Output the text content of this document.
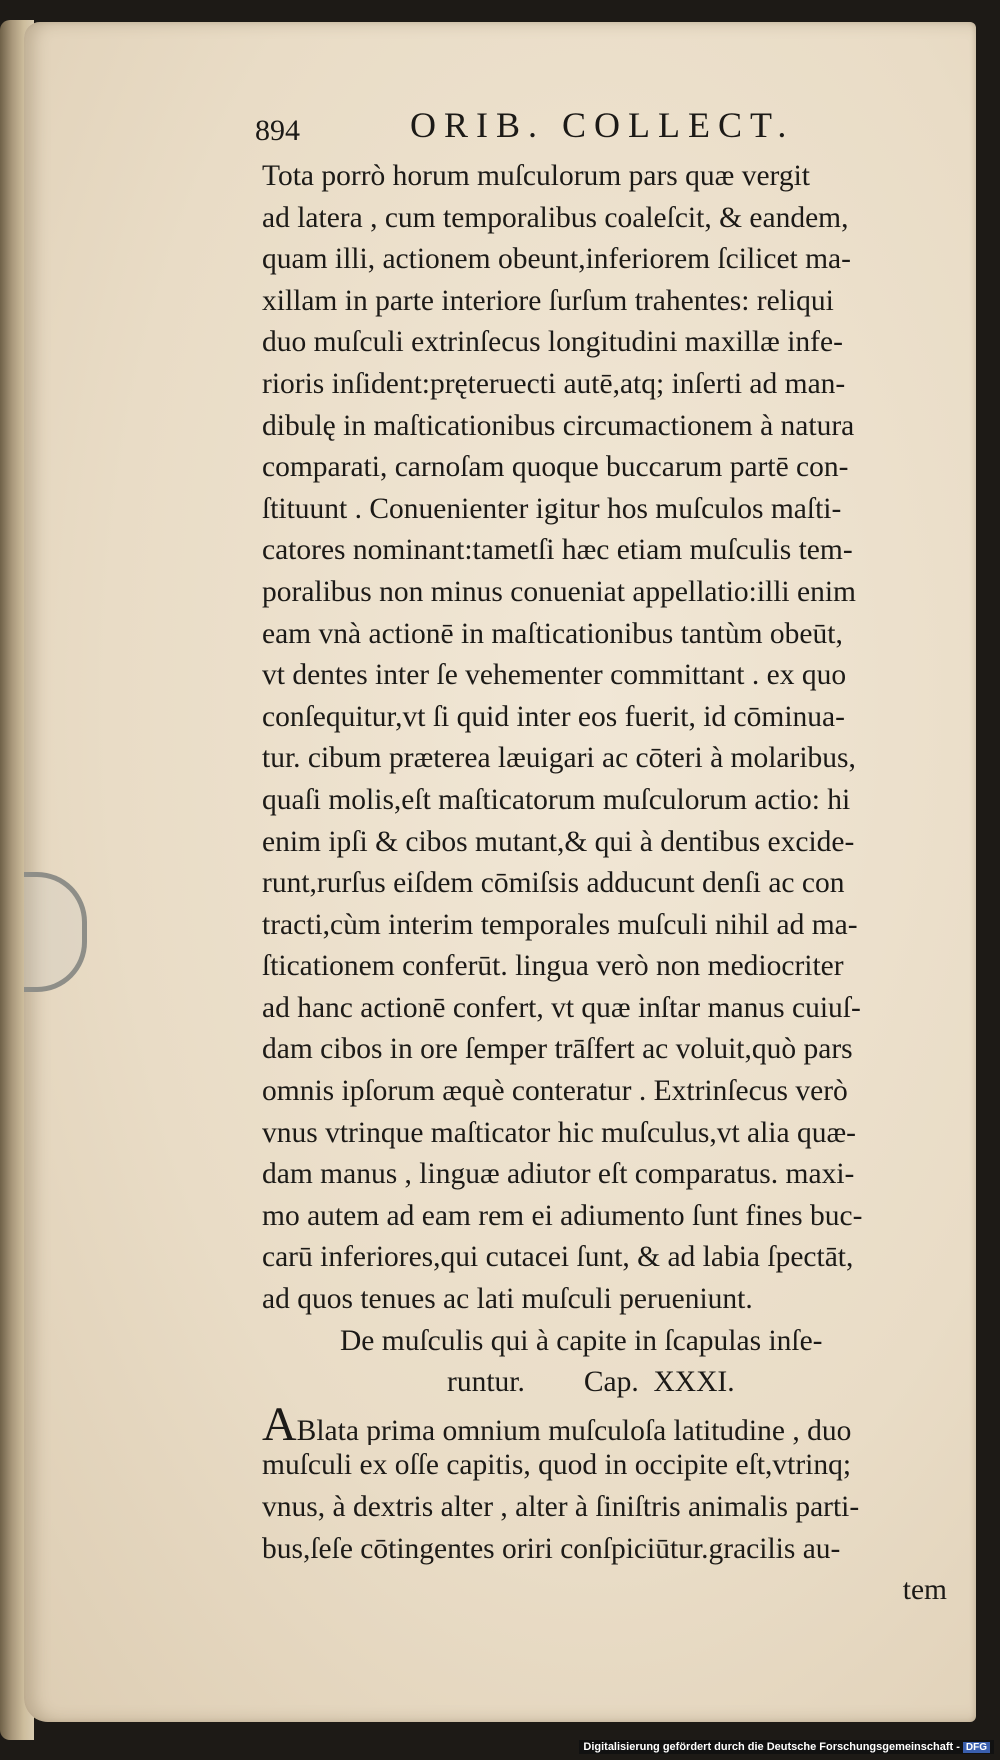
894	ORIB. COLLECT.
Tota porrò horum muſculorum pars quæ vergit
ad latera , cum temporalibus coaleſcit, & eandem,
quam illi, actionem obeunt,inferiorem ſcilicet ma-
xillam in parte interiore ſurſum trahentes: reliqui
duo muſculi extrinſecus longitudini maxillæ infe-
rioris inſident:pręteruecti autē,atq; inſerti ad man-
dibulę in maſticationibus circumactionem à natura
comparati, carnoſam quoque buccarum partē con-
ſtituunt . Conuenienter igitur hos muſculos maſti-
catores nominant:tametſi hæc etiam muſculis tem-
poralibus non minus conueniat appellatio:illi enim
eam vnà actionē in maſticationibus tantùm obeūt,
vt dentes inter ſe vehementer committant . ex quo
conſequitur,vt ſi quid inter eos fuerit, id cōminua-
tur. cibum præterea læuigari ac cōteri à molaribus,
quaſi molis,eſt maſticatorum muſculorum actio: hi
enim ipſi & cibos mutant,& qui à dentibus excide-
runt,rurſus eiſdem cōmiſsis adducunt denſi ac con
tracti,cùm interim temporales muſculi nihil ad ma-
ſticationem conferūt. lingua verò non mediocriter
ad hanc actionē confert, vt quæ inſtar manus cuiuſ-
dam cibos in ore ſemper trāſfert ac voluit,quò pars
omnis ipſorum æquè conteratur . Extrinſecus verò
vnus vtrinque maſticator hic muſculus,vt alia quæ-
dam manus , linguæ adiutor eſt comparatus. maxi-
mo autem ad eam rem ei adiumento ſunt fines buc-
carū inferiores,qui cutacei ſunt, & ad labia ſpectāt,
ad quos tenues ac lati muſculi perueniunt.
De muſculis qui à capite in ſcapulas inſe-
runtur.        Cap.  XXXI.
ABlata prima omnium muſculoſa latitudine , duo
muſculi ex oſſe capitis, quod in occipite eſt,vtrinq;
vnus, à dextris alter , alter à ſiniſtris animalis parti-
bus,ſeſe cōtingentes oriri conſpiciūtur.gracilis au-
tem
Digitalisierung gefördert durch die Deutsche Forschungsgemeinschaft - DFG
